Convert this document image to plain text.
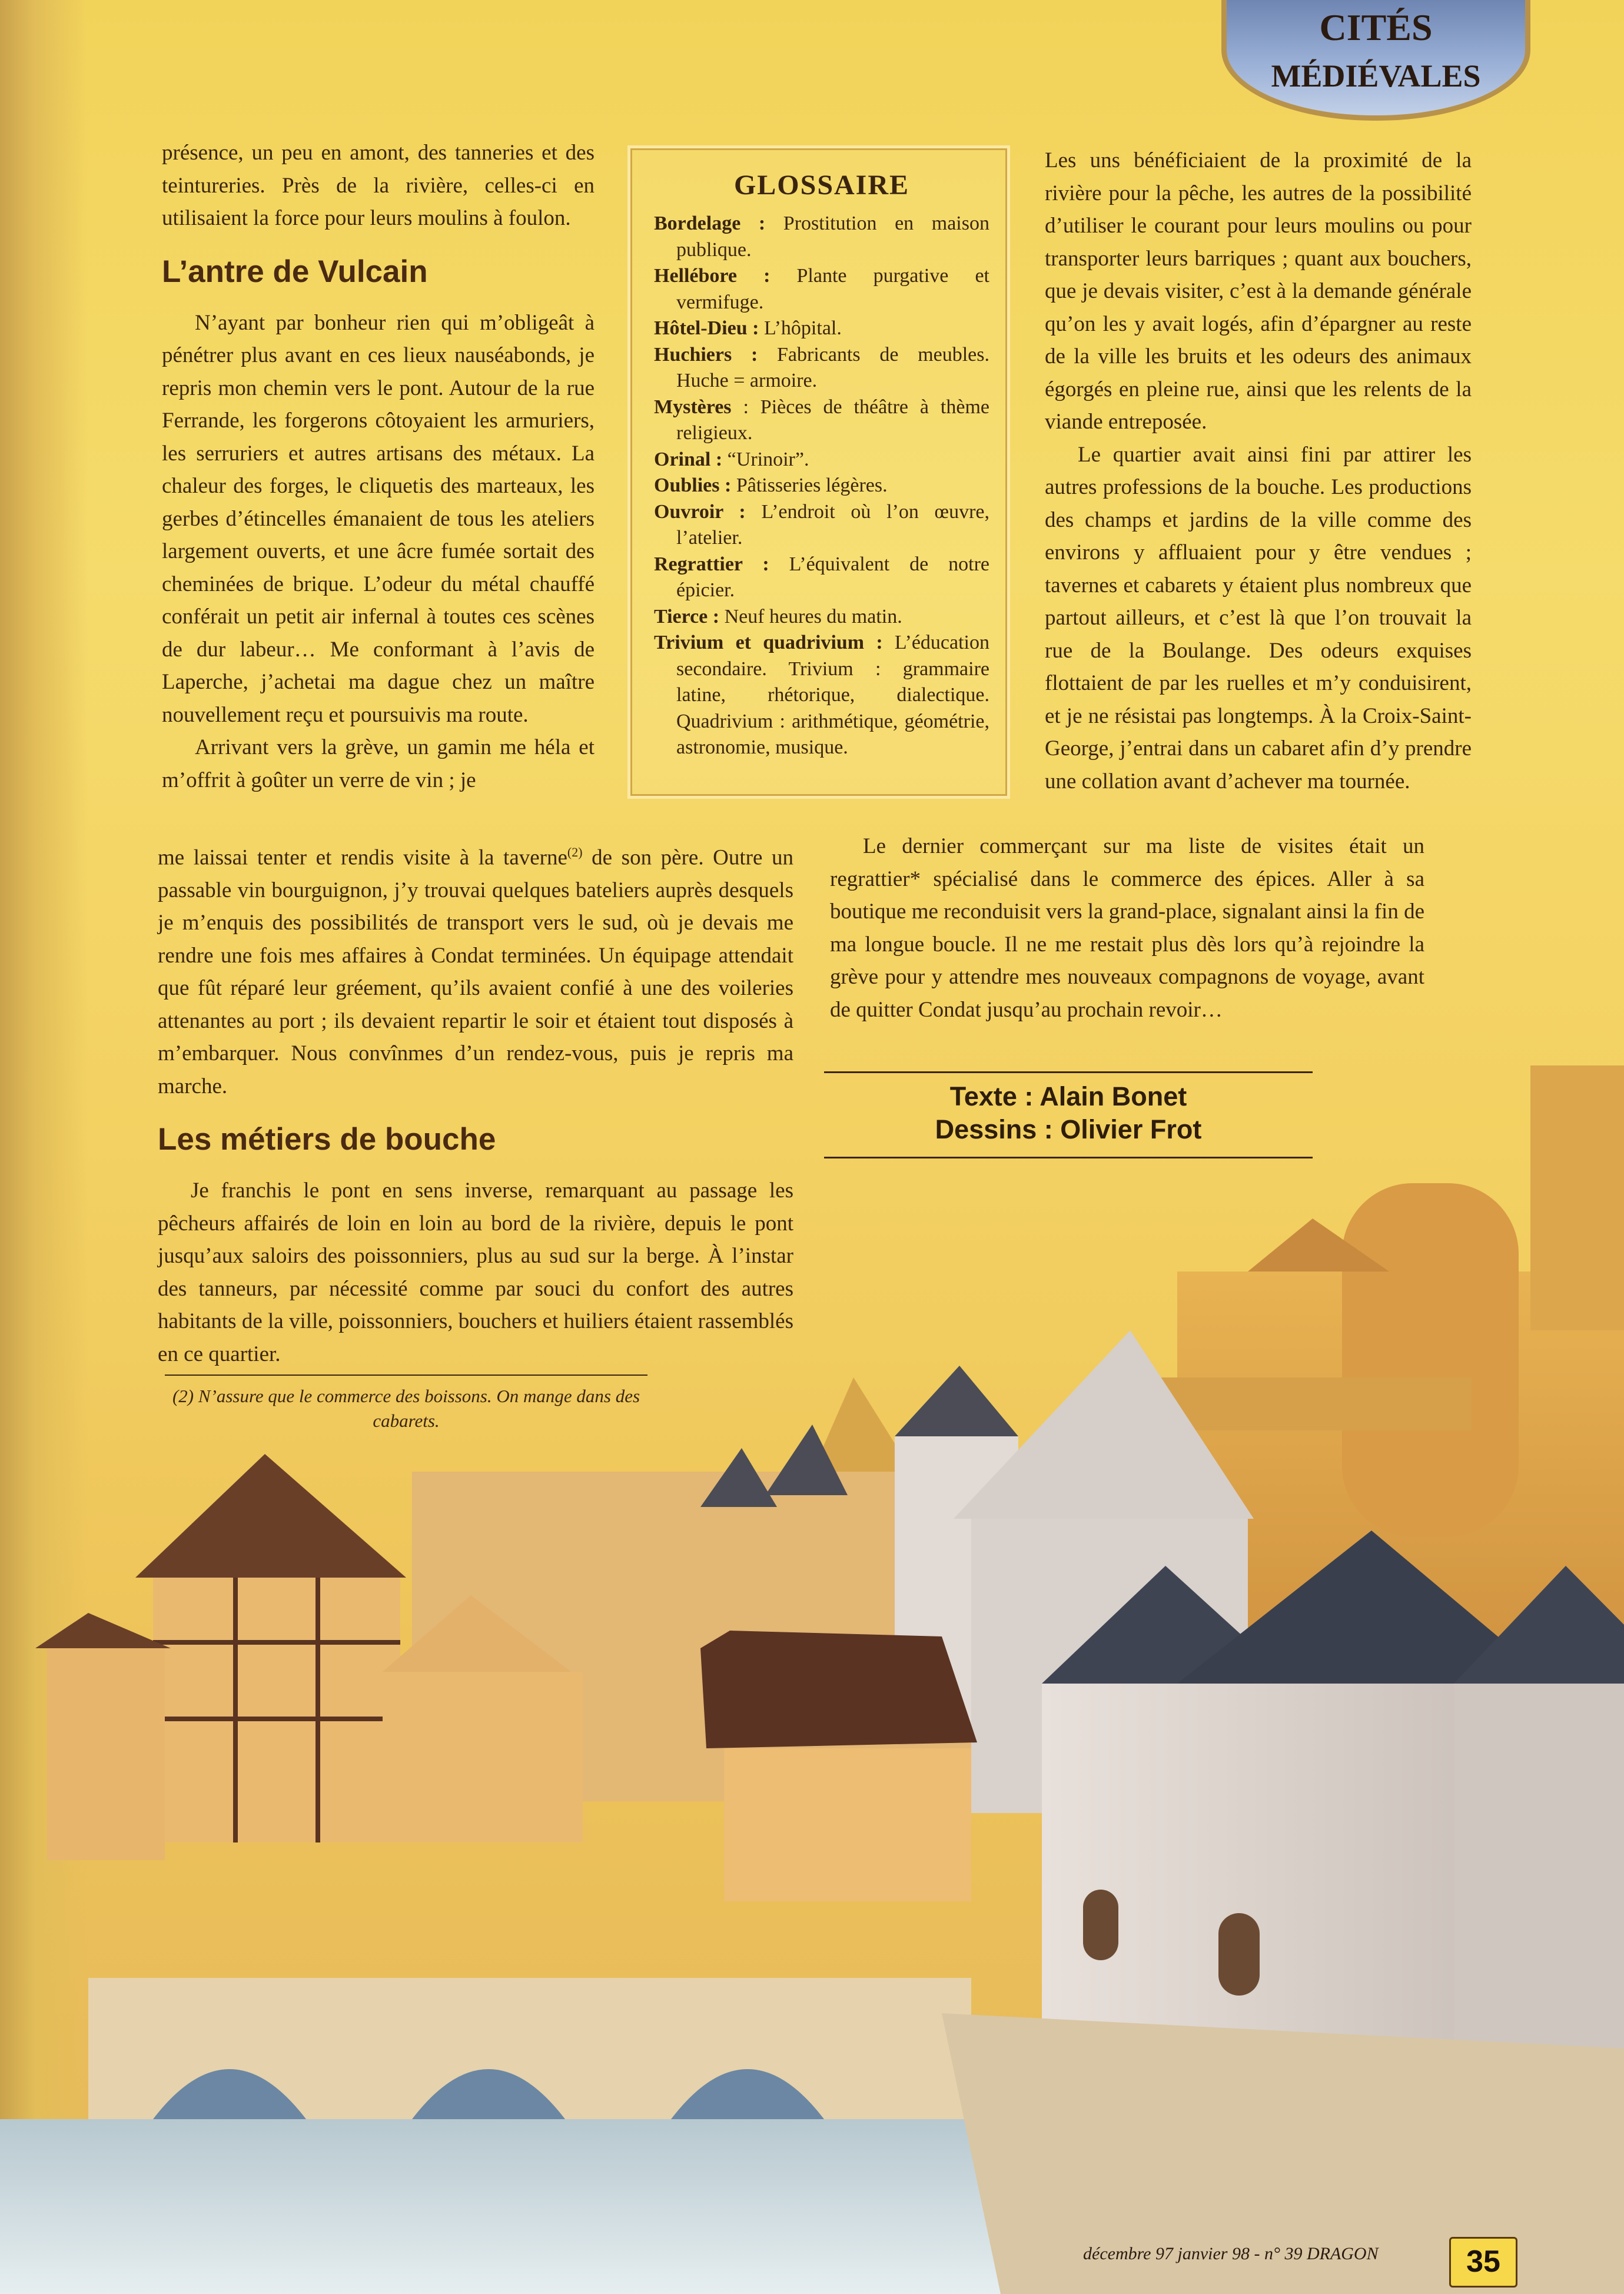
CITÉS
MÉDIÉVALES

présence, un peu en amont, des tanneries et des teintureries. Près de la rivière, celles-ci en utilisaient la force pour leurs moulins à foulon.

L’antre de Vulcain

N’ayant par bonheur rien qui m’obligeât à pénétrer plus avant en ces lieux nauséabonds, je repris mon chemin vers le pont. Autour de la rue Ferrande, les forgerons côtoyaient les armuriers, les serruriers et autres artisans des métaux. La chaleur des forges, le cliquetis des marteaux, les gerbes d’étincelles émanaient de tous les ateliers largement ouverts, et une âcre fumée sortait des cheminées de brique. L’odeur du métal chauffé conférait un petit air infernal à toutes ces scènes de dur labeur… Me conformant à l’avis de Laperche, j’achetai ma dague chez un maître nouvellement reçu et poursuivis ma route.

Arrivant vers la grève, un gamin me héla et m’offrit à goûter un verre de vin ; je

GLOSSAIRE
Bordelage : Prostitution en maison publique.
Hellébore : Plante purgative et vermifuge.
Hôtel-Dieu : L’hôpital.
Huchiers : Fabricants de meubles. Huche = armoire.
Mystères : Pièces de théâtre à thème religieux.
Orinal : “Urinoir”.
Oublies : Pâtisseries légères.
Ouvroir : L’endroit où l’on œuvre, l’atelier.
Regrattier : L’équivalent de notre épicier.
Tierce : Neuf heures du matin.
Trivium et quadrivium : L’éducation secondaire. Trivium : grammaire latine, rhétorique, dialectique. Quadrivium : arithmétique, géométrie, astronomie, musique.

Les uns bénéficiaient de la proximité de la rivière pour la pêche, les autres de la possibilité d’utiliser le courant pour leurs moulins ou pour transporter leurs barriques ; quant aux bouchers, que je devais visiter, c’est à la demande générale qu’on les y avait logés, afin d’épargner au reste de la ville les bruits et les odeurs des animaux égorgés en pleine rue, ainsi que les relents de la viande entreposée.

Le quartier avait ainsi fini par attirer les autres professions de la bouche. Les productions des champs et jardins de la ville comme des environs y affluaient pour y être vendues ; tavernes et cabarets y étaient plus nombreux que partout ailleurs, et c’est là que l’on trouvait la rue de la Boulange. Des odeurs exquises flottaient de par les ruelles et m’y conduisirent, et je ne résistai pas longtemps. À la Croix-Saint-George, j’entrai dans un cabaret afin d’y prendre une collation avant d’achever ma tournée.

me laissai tenter et rendis visite à la taverne$^{(2)}$ de son père. Outre un passable vin bourguignon, j’y trouvai quelques bateliers auprès desquels je m’enquis des possibilités de transport vers le sud, où je devais me rendre une fois mes affaires à Condat terminées. Un équipage attendait que fût réparé leur gréement, qu’ils avaient confié à une des voileries attenantes au port ; ils devaient repartir le soir et étaient tout disposés à m’embarquer. Nous convînmes d’un rendez-vous, puis je repris ma marche.

Les métiers de bouche

Je franchis le pont en sens inverse, remarquant au passage les pêcheurs affairés de loin en loin au bord de la rivière, depuis le pont jusqu’aux saloirs des poissonniers, plus au sud sur la berge. À l’instar des tanneurs, par nécessité comme par souci du confort des autres habitants de la ville, poissonniers, bouchers et huiliers étaient rassemblés en ce quartier.

Le dernier commerçant sur ma liste de visites était un regrattier* spécialisé dans le commerce des épices. Aller à sa boutique me reconduisit vers la grand-place, signalant ainsi la fin de ma longue boucle. Il ne me restait plus dès lors qu’à rejoindre la grève pour y attendre mes nouveaux compagnons de voyage, avant de quitter Condat jusqu’au prochain revoir…

Texte : Alain Bonet
Dessins : Olivier Frot
(2) N’assure que le commerce des boissons. On mange dans des cabarets.
décembre 97 janvier 98 - n° 39 DRAGON	35
